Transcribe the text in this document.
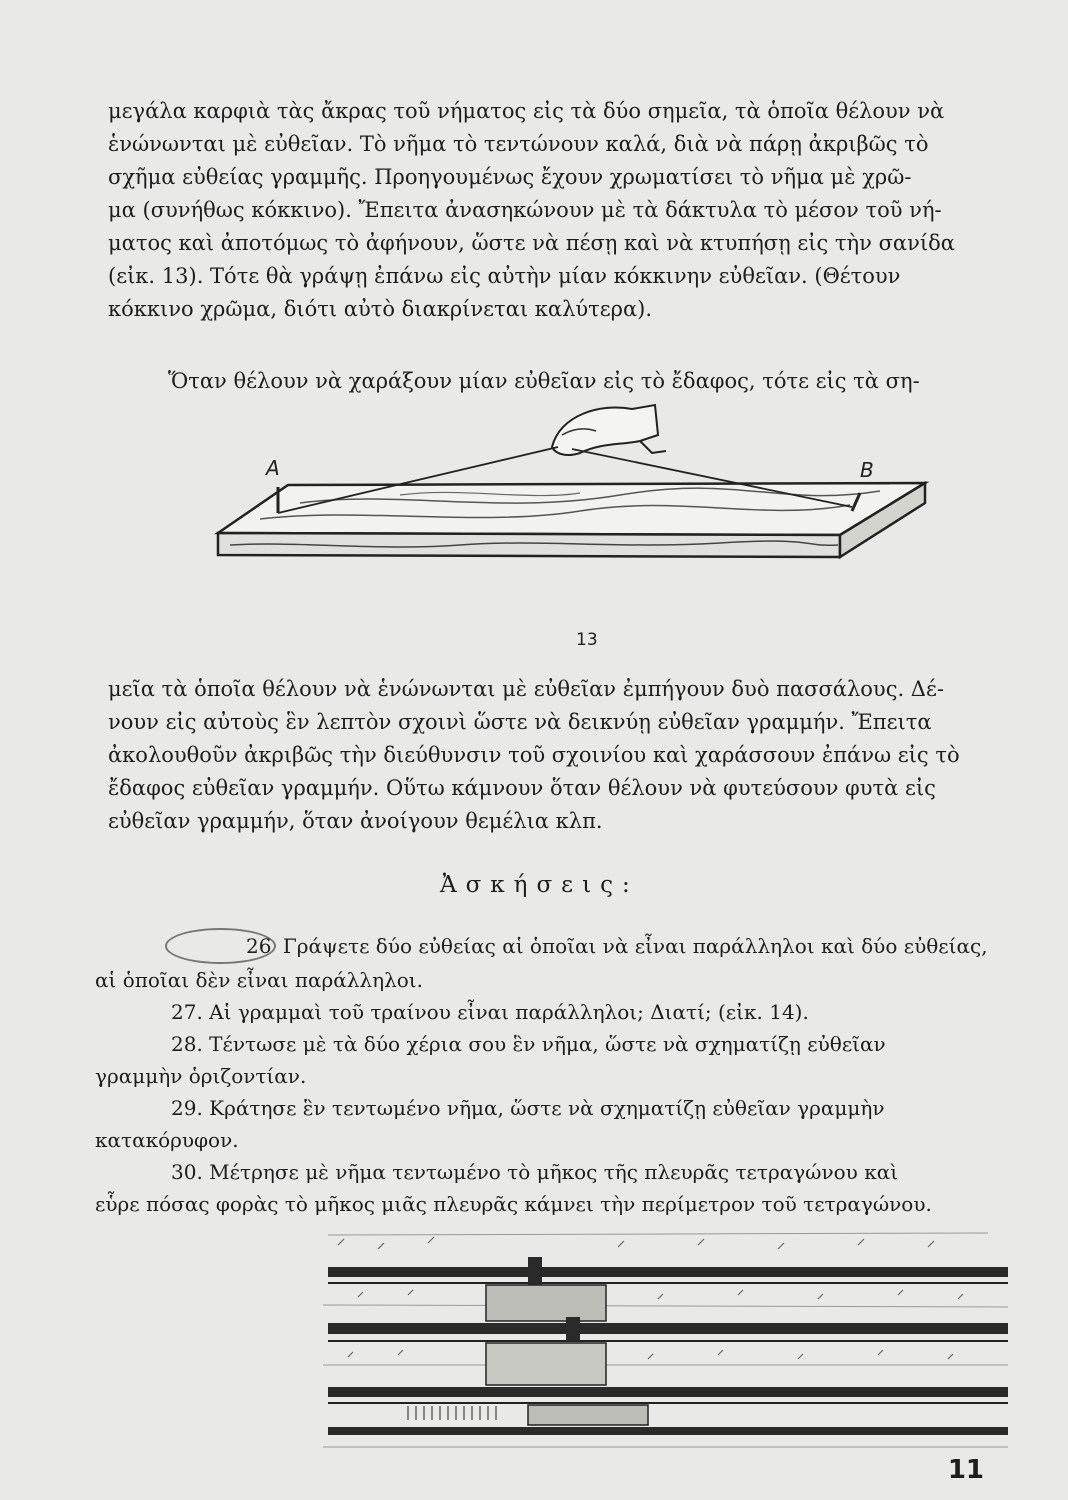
μεγάλα καρφιὰ τὰς ἄκρας τοῦ νήματος εἰς τὰ δύο σημεῖα, τὰ ὁποῖα θέλουν νὰ

ἑνώνωνται μὲ εὐθεῖαν. Τὸ νῆμα τὸ τεντώνουν καλά, διὰ νὰ πάρῃ ἀκριβῶς τὸ

σχῆμα εὐθείας γραμμῆς. Προηγουμένως ἔχουν χρωματίσει τὸ νῆμα μὲ χρῶ-

μα (συνήθως κόκκινο). Ἔπειτα ἀνασηκώνουν μὲ τὰ δάκτυλα τὸ μέσον τοῦ νή-

ματος καὶ ἀποτόμως τὸ ἀφήνουν, ὥστε νὰ πέσῃ καὶ νὰ κτυπήσῃ εἰς τὴν σανίδα

(εἰκ. 13). Τότε θὰ γράψῃ ἐπάνω εἰς αὐτὴν μίαν κόκκινην εὐθεῖαν. (Θέτουν

κόκκινο χρῶμα, διότι αὐτὸ διακρίνεται καλύτερα).

Ὅταν θέλουν νὰ χαράξουν μίαν εὐθεῖαν εἰς τὸ ἔδαφος, τότε εἰς τὰ ση-

A	B
13

μεῖα τὰ ὁποῖα θέλουν νὰ ἑνώνωνται μὲ εὐθεῖαν ἐμπήγουν δυὸ πασσάλους. Δέ-

νουν εἰς αὐτοὺς ἓν λεπτὸν σχοινὶ ὥστε νὰ δεικνύῃ εὐθεῖαν γραμμήν. Ἔπειτα

ἀκολουθοῦν ἀκριβῶς τὴν διεύθυνσιν τοῦ σχοινίου καὶ χαράσσουν ἐπάνω εἰς τὸ

ἔδαφος εὐθεῖαν γραμμήν. Οὕτω κάμνουν ὅταν θέλουν νὰ φυτεύσουν φυτὰ εἰς

εὐθεῖαν γραμμήν, ὅταν ἀνοίγουν θεμέλια κλπ.

Ἀσκήσεις:

26 Γράψετε δύο εὐθείας αἱ ὁποῖαι νὰ εἶναι παράλληλοι καὶ δύο εὐθείας,

αἱ ὁποῖαι δὲν εἶναι παράλληλοι.

27. Αἱ γραμμαὶ τοῦ τραίνου εἶναι παράλληλοι; Διατί; (εἰκ. 14).

28. Τέντωσε μὲ τὰ δύο χέρια σου ἓν νῆμα, ὥστε νὰ σχηματίζῃ εὐθεῖαν

γραμμὴν ὁριζοντίαν.

29. Κράτησε ἓν τεντωμένο νῆμα, ὥστε νὰ σχηματίζῃ εὐθεῖαν γραμμὴν

κατακόρυφον.

30. Μέτρησε μὲ νῆμα τεντωμένο τὸ μῆκος τῆς πλευρᾶς τετραγώνου καὶ

εὗρε πόσας φορὰς τὸ μῆκος μιᾶς πλευρᾶς κάμνει τὴν περίμετρον τοῦ τετραγώνου.

11
